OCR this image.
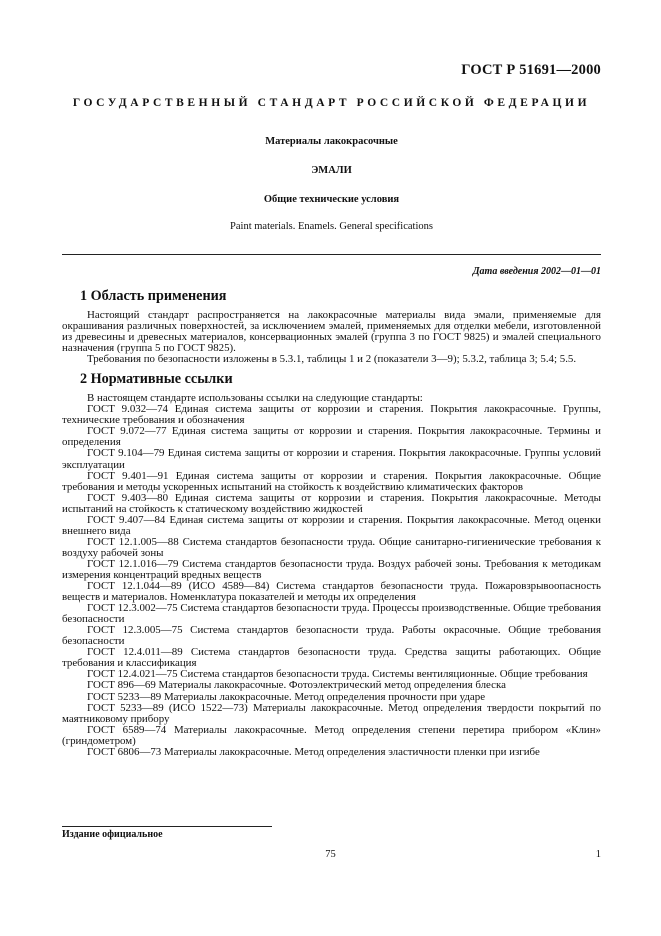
ГОСТ Р 51691—2000
ГОСУДАРСТВЕННЫЙ СТАНДАРТ РОССИЙСКОЙ ФЕДЕРАЦИИ
Материалы лакокрасочные
ЭМАЛИ
Общие технические условия
Paint materials. Enamels. General specifications
Дата введения 2002—01—01
1 Область применения

Настоящий стандарт распространяется на лакокрасочные материалы вида эмали, применяемые для окрашивания различных поверхностей, за исключением эмалей, применяемых для отделки мебели, изготовленной из древесины и древесных материалов, консервационных эмалей (группа 3 по ГОСТ 9825) и эмалей специального назначения (группа 5 по ГОСТ 9825).

Требования по безопасности изложены в 5.3.1, таблицы 1 и 2 (показатели 3—9); 5.3.2, таблица 3; 5.4; 5.5.

2 Нормативные ссылки

В настоящем стандарте использованы ссылки на следующие стандарты:

ГОСТ 9.032—74 Единая система защиты от коррозии и старения. Покрытия лакокрасочные. Группы, технические требования и обозначения

ГОСТ 9.072—77 Единая система защиты от коррозии и старения. Покрытия лакокрасочные. Термины и определения

ГОСТ 9.104—79 Единая система защиты от коррозии и старения. Покрытия лакокрасочные. Группы условий эксплуатации

ГОСТ 9.401—91 Единая система защиты от коррозии и старения. Покрытия лакокрасочные. Общие требования и методы ускоренных испытаний на стойкость к воздействию климатических факторов

ГОСТ 9.403—80 Единая система защиты от коррозии и старения. Покрытия лакокрасочные. Методы испытаний на стойкость к статическому воздействию жидкостей

ГОСТ 9.407—84 Единая система защиты от коррозии и старения. Покрытия лакокрасочные. Метод оценки внешнего вида

ГОСТ 12.1.005—88 Система стандартов безопасности труда. Общие санитарно-гигиенические требования к воздуху рабочей зоны

ГОСТ 12.1.016—79 Система стандартов безопасности труда. Воздух рабочей зоны. Требования к методикам измерения концентраций вредных веществ

ГОСТ 12.1.044—89 (ИСО 4589—84) Система стандартов безопасности труда. Пожаровзрывоопасность веществ и материалов. Номенклатура показателей и методы их определения

ГОСТ 12.3.002—75 Система стандартов безопасности труда. Процессы производственные. Общие требования безопасности

ГОСТ 12.3.005—75 Система стандартов безопасности труда. Работы окрасочные. Общие требования безопасности

ГОСТ 12.4.011—89 Система стандартов безопасности труда. Средства защиты работающих. Общие требования и классификация

ГОСТ 12.4.021—75 Система стандартов безопасности труда. Системы вентиляционные. Общие требования

ГОСТ 896—69 Материалы лакокрасочные. Фотоэлектрический метод определения блеска

ГОСТ 5233—89 Материалы лакокрасочные. Метод определения прочности при ударе

ГОСТ 5233—89 (ИСО 1522—73) Материалы лакокрасочные. Метод определения твердости покрытий по маятниковому прибору

ГОСТ 6589—74 Материалы лакокрасочные. Метод определения степени перетира прибором «Клин» (гриндометром)

ГОСТ 6806—73 Материалы лакокрасочные. Метод определения эластичности пленки при изгибе

Издание официальное
75	1
